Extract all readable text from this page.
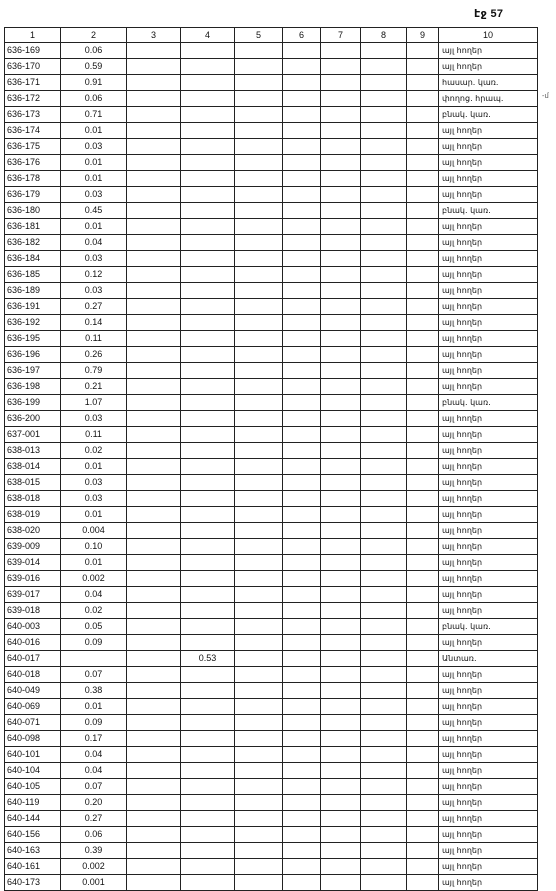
էջ 57
-մ
1	2	3	4	5	6	7	8	9	10
636-169	0.06								այլ հողեր
636-170	0.59								այլ հողեր
636-171	0.91								հասար. կառ.
636-172	0.06								փողոց. հրապ.
636-173	0.71								բնակ. կառ.
636-174	0.01								այլ հողեր
636-175	0.03								այլ հողեր
636-176	0.01								այլ հողեր
636-178	0.01								այլ հողեր
636-179	0.03								այլ հողեր
636-180	0.45								բնակ. կառ.
636-181	0.01								այլ հողեր
636-182	0.04								այլ հողեր
636-184	0.03								այլ հողեր
636-185	0.12								այլ հողեր
636-189	0.03								այլ հողեր
636-191	0.27								այլ հողեր
636-192	0.14								այլ հողեր
636-195	0.11								այլ հողեր
636-196	0.26								այլ հողեր
636-197	0.79								այլ հողեր
636-198	0.21								այլ հողեր
636-199	1.07								բնակ. կառ.
636-200	0.03								այլ հողեր
637-001	0.11								այլ հողեր
638-013	0.02								այլ հողեր
638-014	0.01								այլ հողեր
638-015	0.03								այլ հողեր
638-018	0.03								այլ հողեր
638-019	0.01								այլ հողեր
638-020	0.004								այլ հողեր
639-009	0.10								այլ հողեր
639-014	0.01								այլ հողեր
639-016	0.002								այլ հողեր
639-017	0.04								այլ հողեր
639-018	0.02								այլ հողեր
640-003	0.05								բնակ. կառ.
640-016	0.09								այլ հողեր
640-017			0.53						Անտառ.
640-018	0.07								այլ հողեր
640-049	0.38								այլ հողեր
640-069	0.01								այլ հողեր
640-071	0.09								այլ հողեր
640-098	0.17								այլ հողեր
640-101	0.04								այլ հողեր
640-104	0.04								այլ հողեր
640-105	0.07								այլ հողեր
640-119	0.20								այլ հողեր
640-144	0.27								այլ հողեր
640-156	0.06								այլ հողեր
640-163	0.39								այլ հողեր
640-161	0.002								այլ հողեր
640-173	0.001								այլ հողեր
